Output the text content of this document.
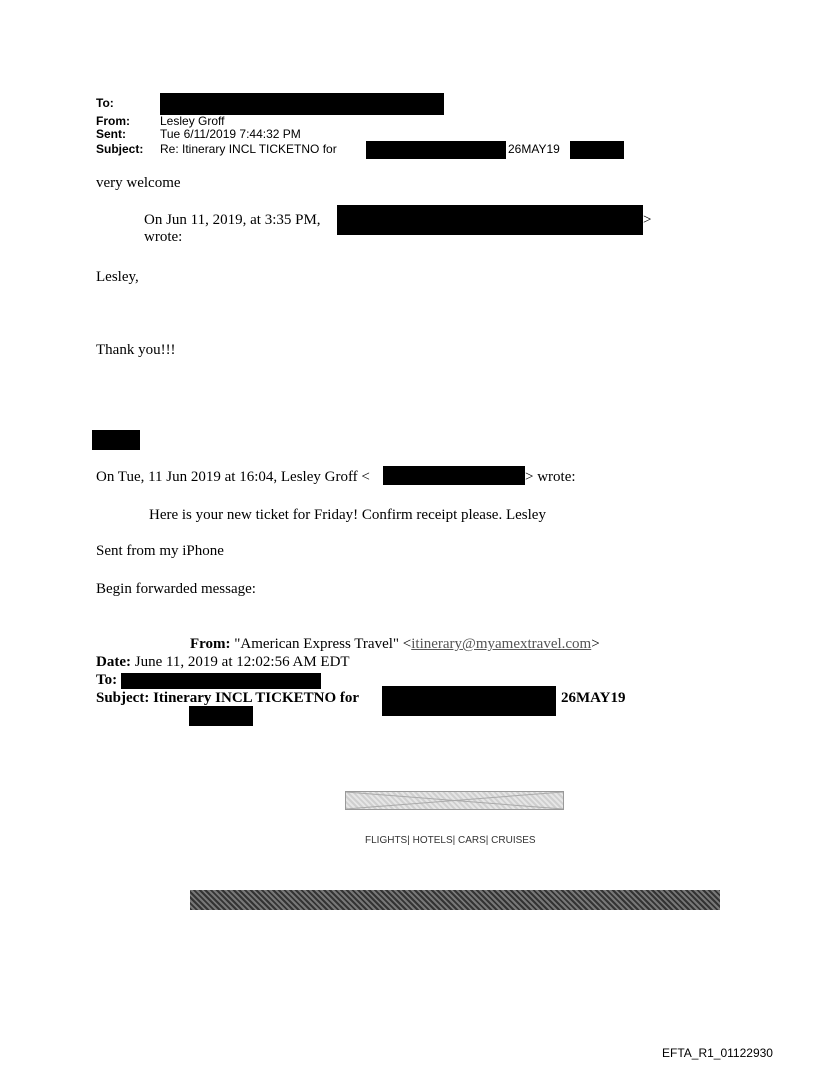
To:
From:	Lesley Groff
Sent:	Tue 6/11/2019 7:44:32 PM
Subject: Re: Itinerary INCL TICKETNO for	26MAY19
very welcome
On Jun 11, 2019, at 3:35 PM,	>
wrote:
Lesley,
Thank you!!!
On Tue, 11 Jun 2019 at 16:04, Lesley Groff <	> wrote:
Here is your new ticket for Friday! Confirm receipt please. Lesley
Sent from my iPhone
Begin forwarded message:
From: "American Express Travel" <itinerary@myamextravel.com>
Date: June 11, 2019 at 12:02:56 AM EDT
To:
Subject: Itinerary INCL TICKETNO for	26MAY19
FLIGHTS| HOTELS| CARS| CRUISES
EFTA_R1_01122930
